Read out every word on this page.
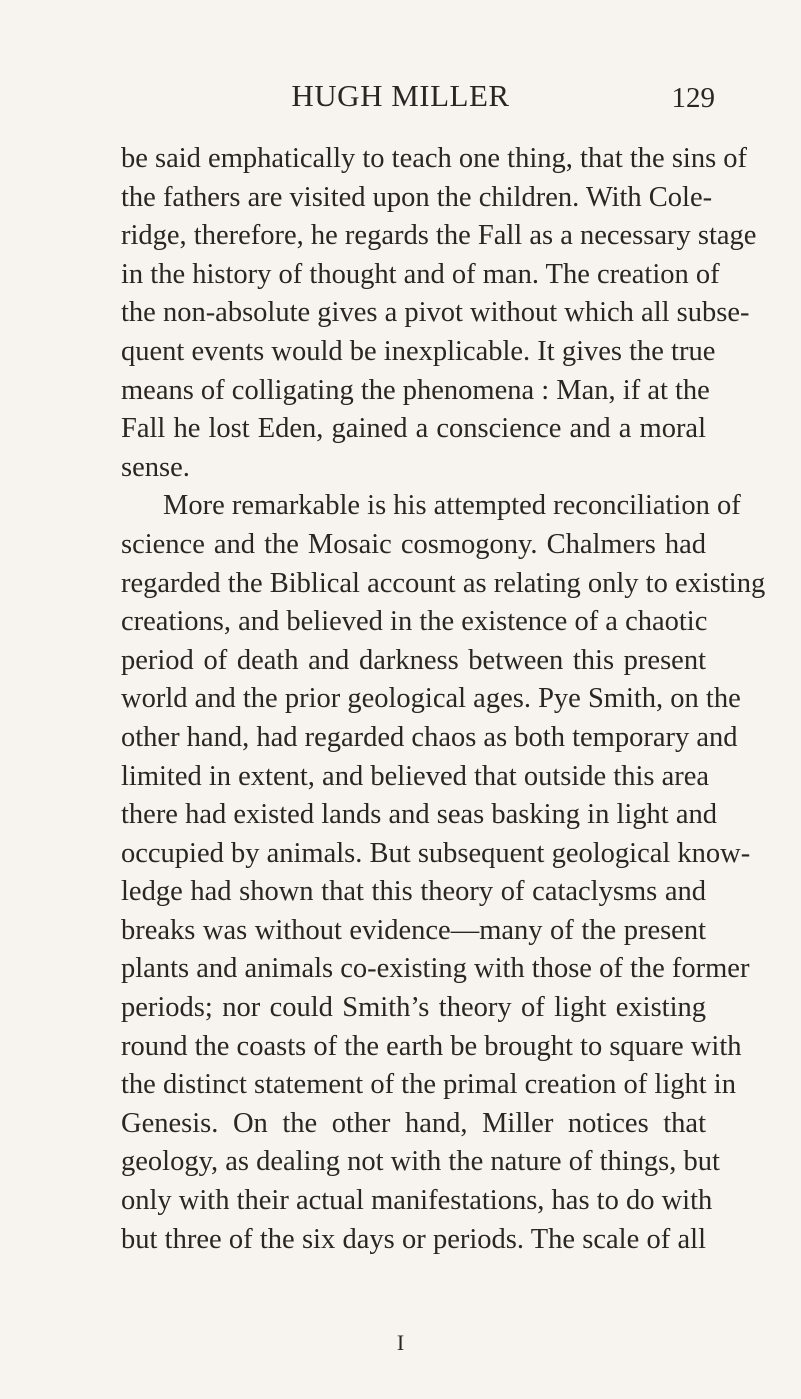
HUGH MILLER	129
be said emphatically to teach one thing, that the sins of
the fathers are visited upon the children. With Cole-
ridge, therefore, he regards the Fall as a necessary stage
in the history of thought and of man. The creation of
the non-absolute gives a pivot without which all subse-
quent events would be inexplicable. It gives the true
means of colligating the phenomena : Man, if at the
Fall he lost Eden, gained a conscience and a moral
sense.
More remarkable is his attempted reconciliation of
science and the Mosaic cosmogony. Chalmers had
regarded the Biblical account as relating only to existing
creations, and believed in the existence of a chaotic
period of death and darkness between this present
world and the prior geological ages. Pye Smith, on the
other hand, had regarded chaos as both temporary and
limited in extent, and believed that outside this area
there had existed lands and seas basking in light and
occupied by animals. But subsequent geological know-
ledge had shown that this theory of cataclysms and
breaks was without evidence—many of the present
plants and animals co-existing with those of the former
periods; nor could Smith’s theory of light existing
round the coasts of the earth be brought to square with
the distinct statement of the primal creation of light in
Genesis. On the other hand, Miller notices that
geology, as dealing not with the nature of things, but
only with their actual manifestations, has to do with
but three of the six days or periods. The scale of all
I
